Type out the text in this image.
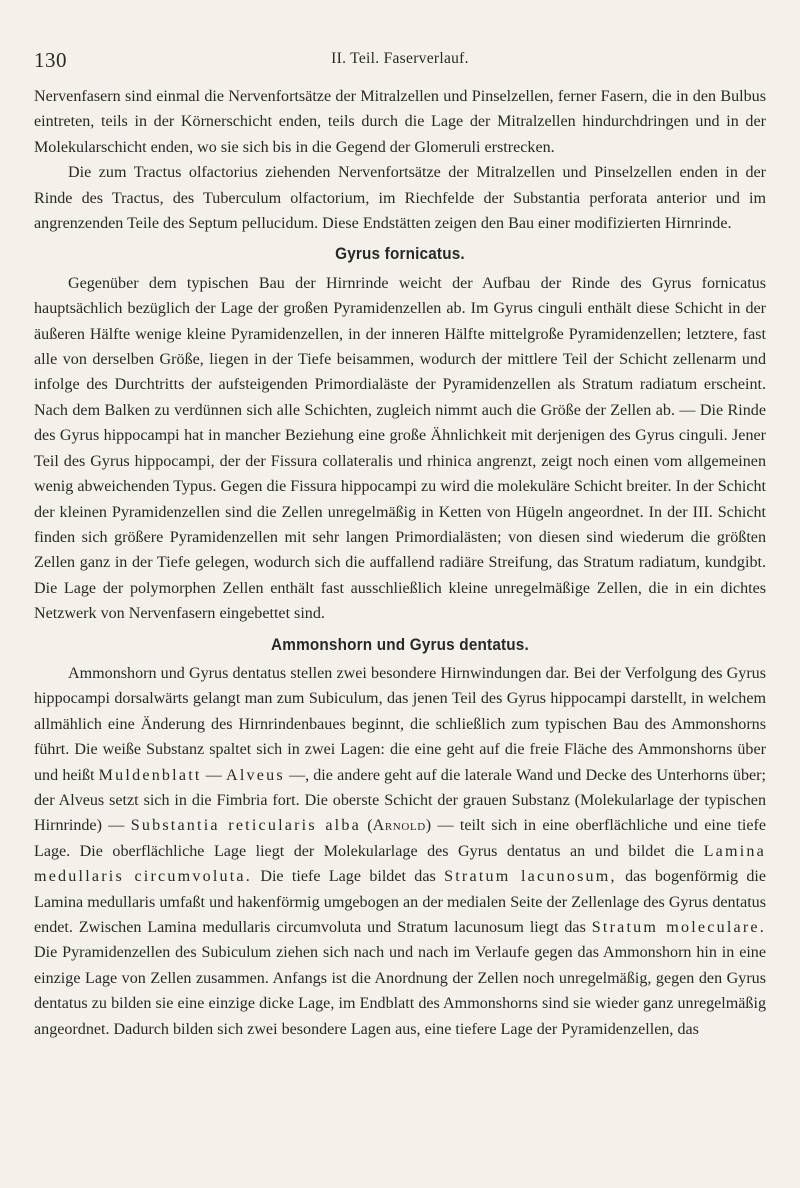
130	II. Teil. Faserverlauf.

Nervenfasern sind einmal die Nervenfortsätze der Mitralzellen und Pinselzellen, ferner Fasern, die in den Bulbus eintreten, teils in der Körnerschicht enden, teils durch die Lage der Mitralzellen hindurchdringen und in der Molekularschicht enden, wo sie sich bis in die Gegend der Glomeruli erstrecken.

Die zum Tractus olfactorius ziehenden Nervenfortsätze der Mitralzellen und Pinselzellen enden in der Rinde des Tractus, des Tuberculum olfactorium, im Riechfelde der Substantia perforata anterior und im angrenzenden Teile des Septum pellucidum. Diese Endstätten zeigen den Bau einer modifizierten Hirnrinde.

Gyrus fornicatus.

Gegenüber dem typischen Bau der Hirnrinde weicht der Aufbau der Rinde des Gyrus fornicatus hauptsächlich bezüglich der Lage der großen Pyramidenzellen ab. Im Gyrus cinguli enthält diese Schicht in der äußeren Hälfte wenige kleine Pyramidenzellen, in der inneren Hälfte mittelgroße Pyramidenzellen; letztere, fast alle von derselben Größe, liegen in der Tiefe beisammen, wodurch der mittlere Teil der Schicht zellenarm und infolge des Durchtritts der aufsteigenden Primordialäste der Pyramidenzellen als Stratum radiatum erscheint. Nach dem Balken zu verdünnen sich alle Schichten, zugleich nimmt auch die Größe der Zellen ab. — Die Rinde des Gyrus hippocampi hat in mancher Beziehung eine große Ähnlichkeit mit derjenigen des Gyrus cinguli. Jener Teil des Gyrus hippocampi, der der Fissura collateralis und rhinica angrenzt, zeigt noch einen vom allgemeinen wenig abweichenden Typus. Gegen die Fissura hippocampi zu wird die molekuläre Schicht breiter. In der Schicht der kleinen Pyramidenzellen sind die Zellen unregelmäßig in Ketten von Hügeln angeordnet. In der III. Schicht finden sich größere Pyramidenzellen mit sehr langen Primordialästen; von diesen sind wiederum die größten Zellen ganz in der Tiefe gelegen, wodurch sich die auffallend radiäre Streifung, das Stratum radiatum, kundgibt. Die Lage der polymorphen Zellen enthält fast ausschließlich kleine unregelmäßige Zellen, die in ein dichtes Netzwerk von Nervenfasern eingebettet sind.

Ammonshorn und Gyrus dentatus.

Ammonshorn und Gyrus dentatus stellen zwei besondere Hirnwindungen dar. Bei der Verfolgung des Gyrus hippocampi dorsalwärts gelangt man zum Subiculum, das jenen Teil des Gyrus hippocampi darstellt, in welchem allmählich eine Änderung des Hirnrindenbaues beginnt, die schließlich zum typischen Bau des Ammonshorns führt. Die weiße Substanz spaltet sich in zwei Lagen: die eine geht auf die freie Fläche des Ammonshorns über und heißt Muldenblatt — Alveus —, die andere geht auf die laterale Wand und Decke des Unterhorns über; der Alveus setzt sich in die Fimbria fort. Die oberste Schicht der grauen Substanz (Molekularlage der typischen Hirnrinde) — Substantia reticularis alba (Arnold) — teilt sich in eine oberflächliche und eine tiefe Lage. Die oberflächliche Lage liegt der Molekularlage des Gyrus dentatus an und bildet die Lamina medullaris circumvoluta. Die tiefe Lage bildet das Stratum lacunosum, das bogenförmig die Lamina medullaris umfaßt und hakenförmig umgebogen an der medialen Seite der Zellenlage des Gyrus dentatus endet. Zwischen Lamina medullaris circumvoluta und Stratum lacunosum liegt das Stratum moleculare. Die Pyramidenzellen des Subiculum ziehen sich nach und nach im Verlaufe gegen das Ammonshorn hin in eine einzige Lage von Zellen zusammen. Anfangs ist die Anordnung der Zellen noch unregelmäßig, gegen den Gyrus dentatus zu bilden sie eine einzige dicke Lage, im Endblatt des Ammonshorns sind sie wieder ganz unregelmäßig angeordnet. Dadurch bilden sich zwei besondere Lagen aus, eine tiefere Lage der Pyramidenzellen, das
